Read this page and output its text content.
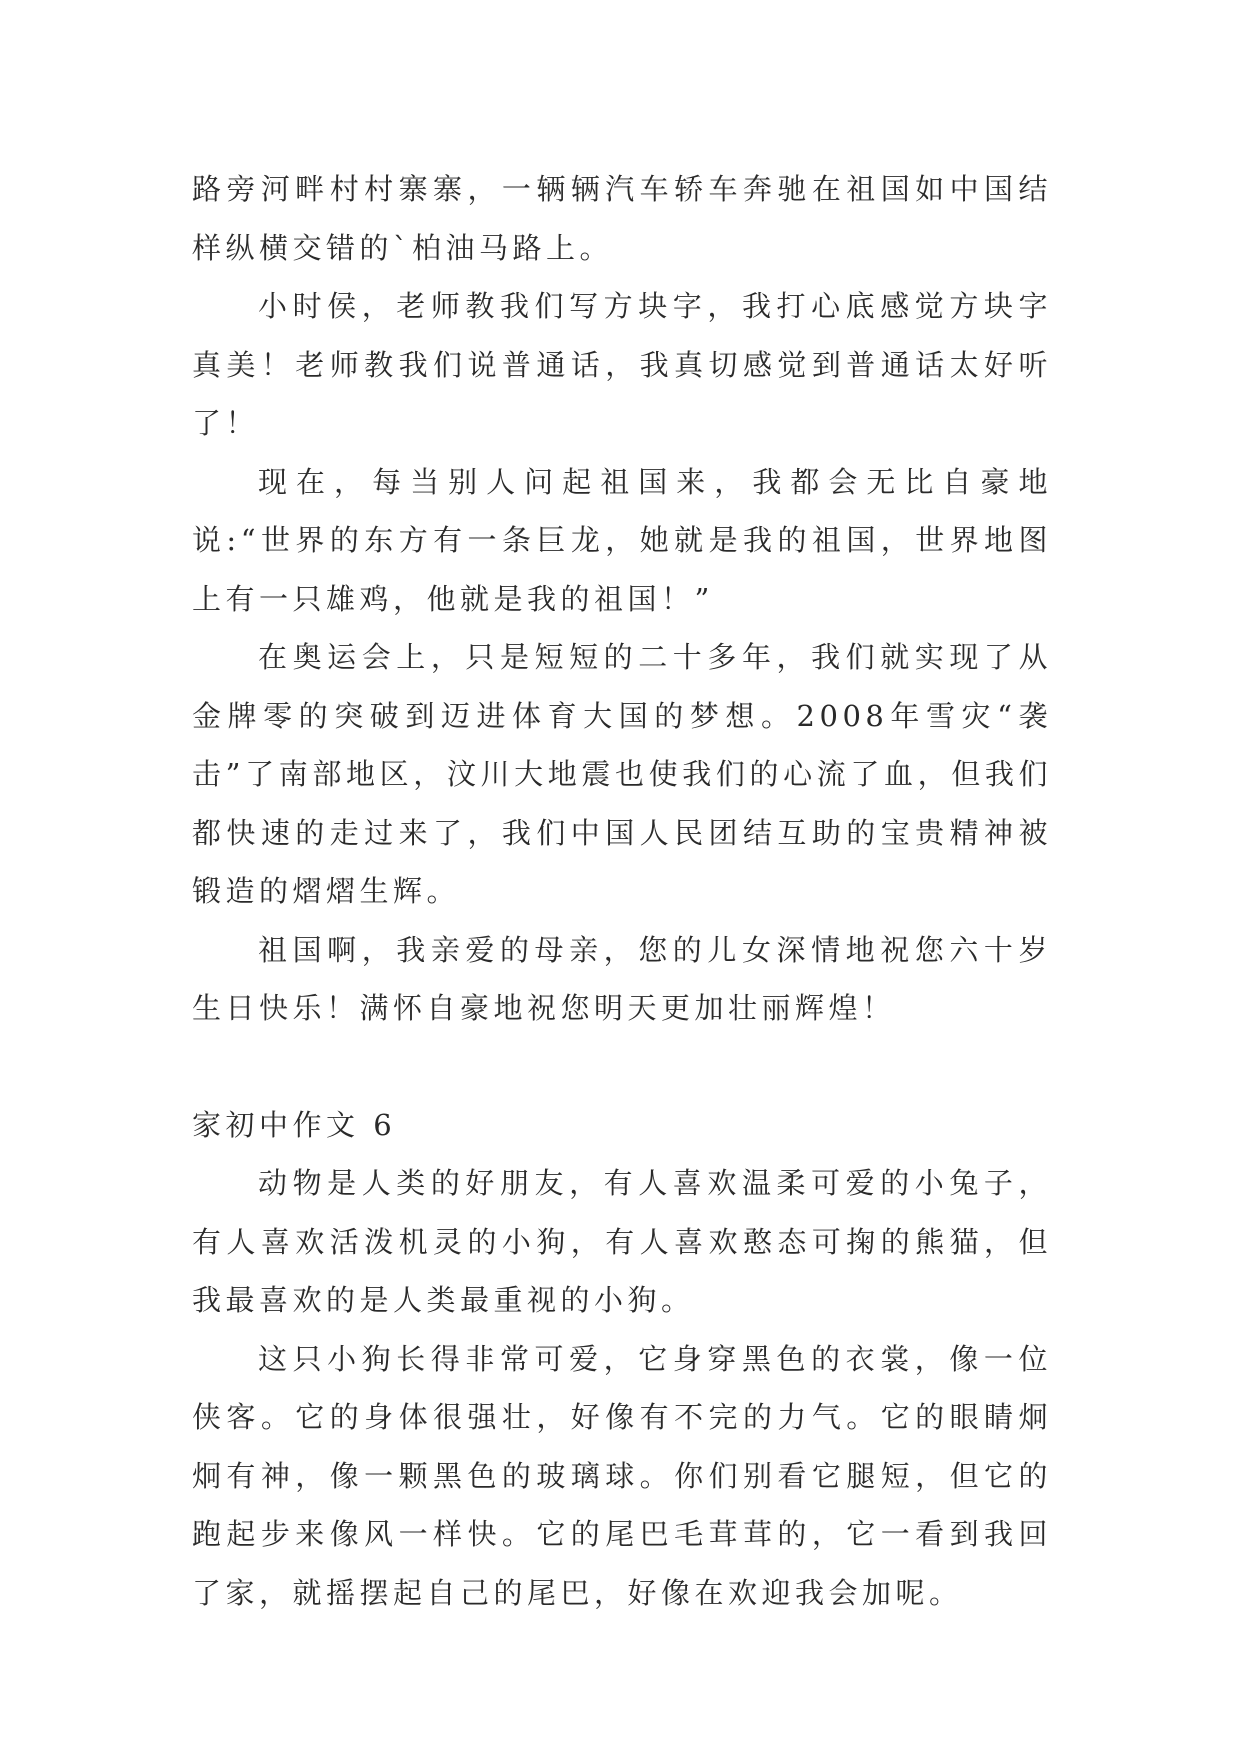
路旁河畔村村寨寨，一辆辆汽车轿车奔驰在祖国如中国结样纵横交错的`柏油马路上。

小时侯，老师教我们写方块字，我打心底感觉方块字真美！老师教我们说普通话，我真切感觉到普通话太好听了！

现在，每当别人问起祖国来，我都会无比自豪地说:“世界的东方有一条巨龙，她就是我的祖国，世界地图上有一只雄鸡，他就是我的祖国！”

在奥运会上，只是短短的二十多年，我们就实现了从金牌零的突破到迈进体育大国的梦想。2008年雪灾“袭击”了南部地区，汶川大地震也使我们的心流了血，但我们都快速的走过来了，我们中国人民团结互助的宝贵精神被锻造的熠熠生辉。

祖国啊，我亲爱的母亲，您的儿女深情地祝您六十岁生日快乐！满怀自豪地祝您明天更加壮丽辉煌！

家初中作文 6

动物是人类的好朋友，有人喜欢温柔可爱的小兔子，有人喜欢活泼机灵的小狗，有人喜欢憨态可掬的熊猫，但我最喜欢的是人类最重视的小狗。

这只小狗长得非常可爱，它身穿黑色的衣裳，像一位侠客。它的身体很强壮，好像有不完的力气。它的眼睛炯炯有神，像一颗黑色的玻璃球。你们别看它腿短，但它的跑起步来像风一样快。它的尾巴毛茸茸的，它一看到我回了家，就摇摆起自己的尾巴，好像在欢迎我会加呢。
